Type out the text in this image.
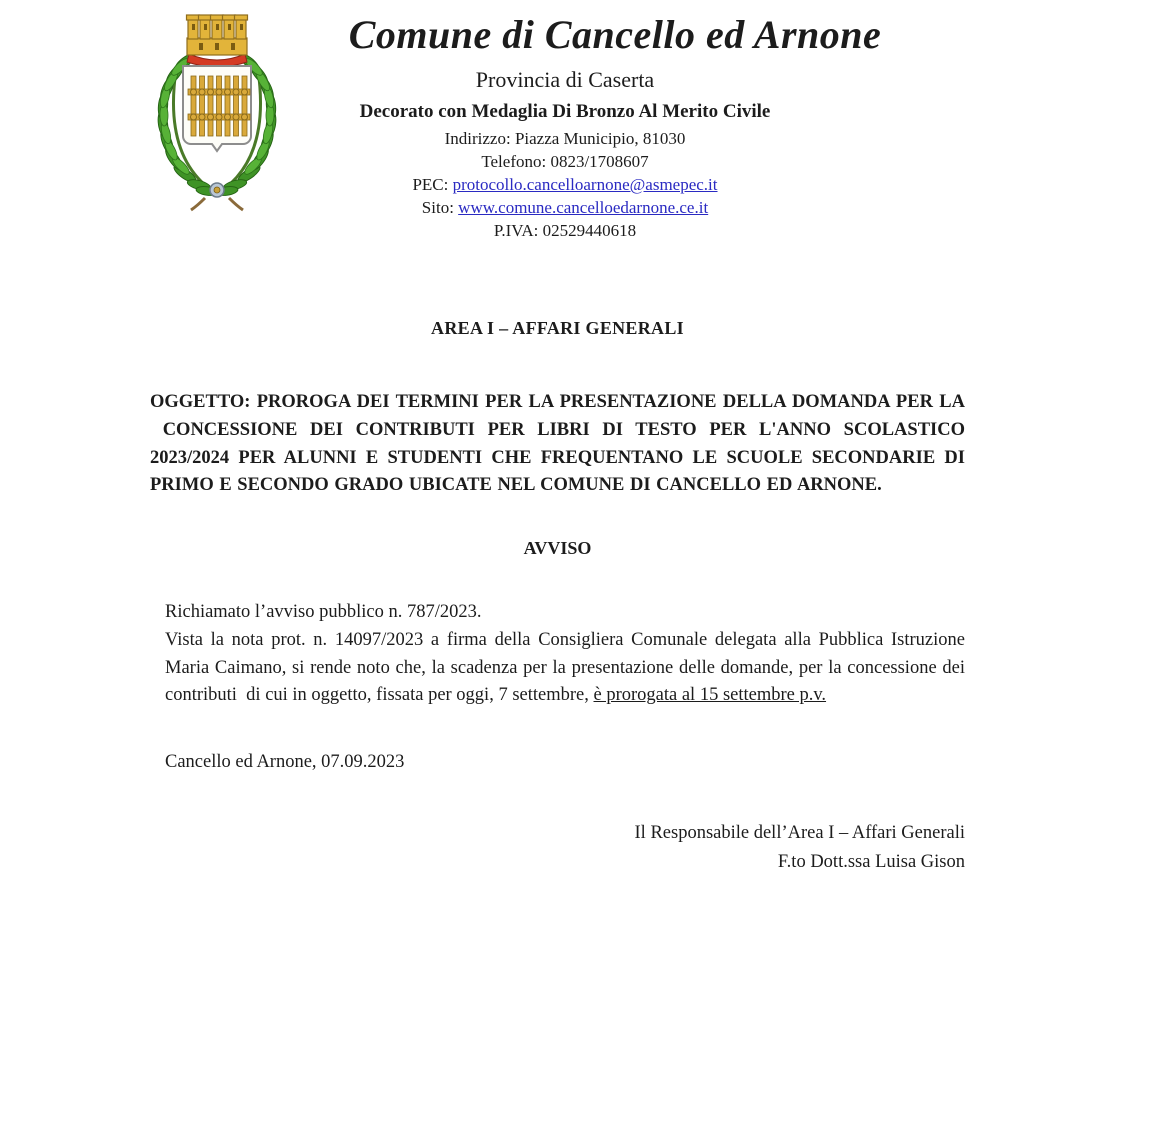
Comune di Cancello ed Arnone
Provincia di Caserta
Decorato con Medaglia Di Bronzo Al Merito Civile
Indirizzo: Piazza Municipio, 81030
Telefono: 0823/1708607
PEC: protocollo.cancelloarnone@asmepec.it
Sito: www.comune.cancelloedarnone.ce.it
P.IVA: 02529440618
AREA I – AFFARI GENERALI
OGGETTO: PROROGA DEI TERMINI PER LA PRESENTAZIONE DELLA DOMANDA PER LA  CONCESSIONE DEI CONTRIBUTI PER LIBRI DI TESTO PER L'ANNO SCOLASTICO 2023/2024 PER ALUNNI E STUDENTI CHE FREQUENTANO LE SCUOLE SECONDARIE DI PRIMO E SECONDO GRADO UBICATE NEL COMUNE DI CANCELLO ED ARNONE.
AVVISO

Richiamato l’avviso pubblico n. 787/2023.

Vista la nota prot. n. 14097/2023 a firma della Consigliera Comunale delegata alla Pubblica Istruzione Maria Caimano, si rende noto che, la scadenza per la presentazione delle domande, per la concessione dei contributi  di cui in oggetto, fissata per oggi, 7 settembre, è prorogata al 15 settembre p.v.

Cancello ed Arnone, 07.09.2023
Il Responsabile dell’Area I – Affari Generali
F.to Dott.ssa Luisa Gison
